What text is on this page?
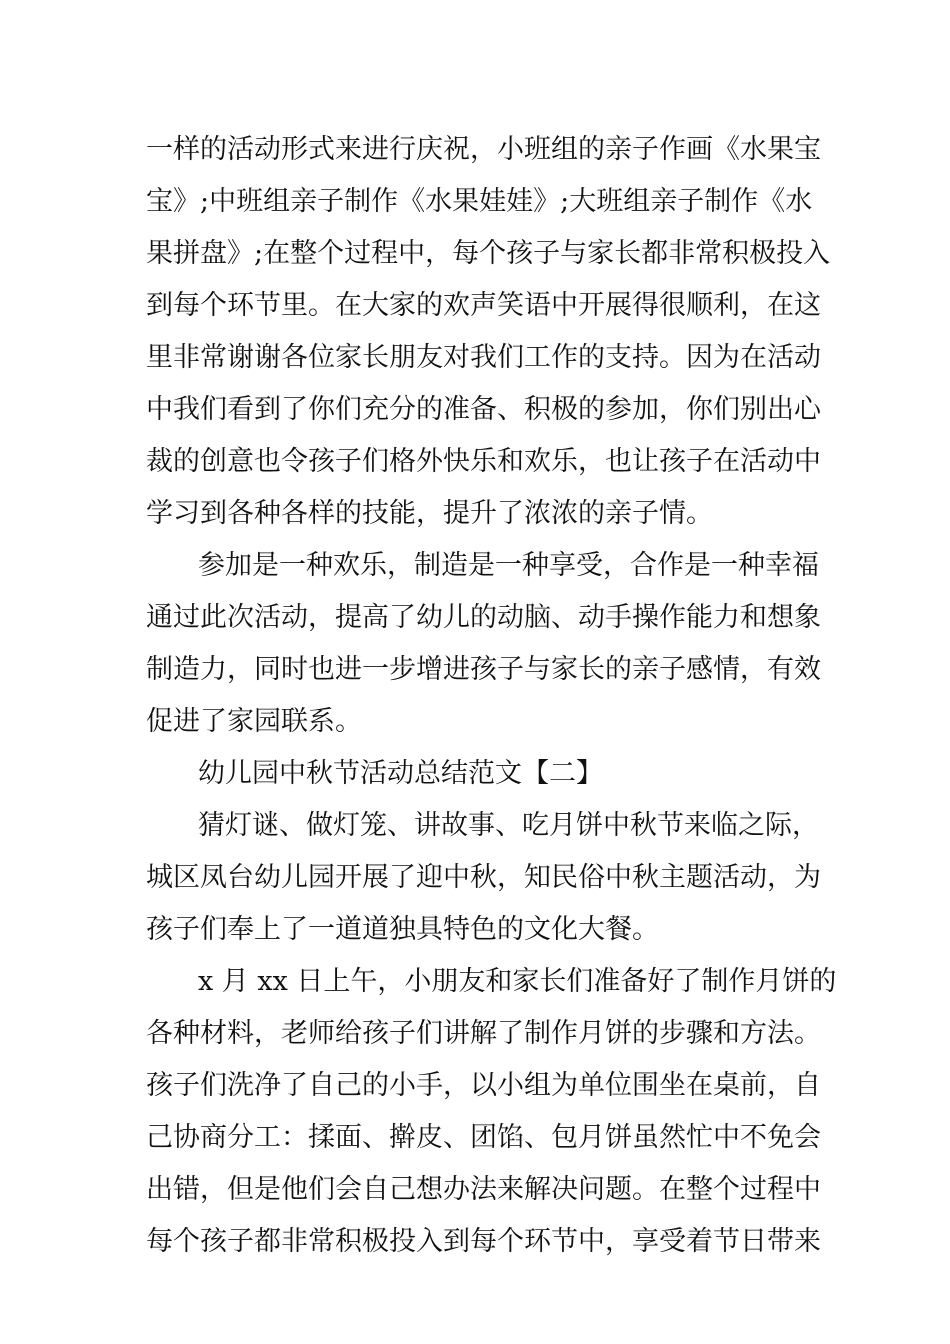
一样的活动形式来进行庆祝，小班组的亲子作画《水果宝
宝》;中班组亲子制作《水果娃娃》;大班组亲子制作《水
果拼盘》;在整个过程中，每个孩子与家长都非常积极投入
到每个环节里。在大家的欢声笑语中开展得很顺利，在这
里非常谢谢各位家长朋友对我们工作的支持。因为在活动
中我们看到了你们充分的准备、积极的参加，你们别出心
裁的创意也令孩子们格外快乐和欢乐，也让孩子在活动中
学习到各种各样的技能，提升了浓浓的亲子情。
参加是一种欢乐，制造是一种享受，合作是一种幸福
通过此次活动，提高了幼儿的动脑、动手操作能力和想象
制造力，同时也进一步增进孩子与家长的亲子感情，有效
促进了家园联系。
幼儿园中秋节活动总结范文【二】
猜灯谜、做灯笼、讲故事、吃月饼中秋节来临之际，
城区凤台幼儿园开展了迎中秋，知民俗中秋主题活动，为
孩子们奉上了一道道独具特色的文化大餐。
x 月 xx 日上午，小朋友和家长们准备好了制作月饼的
各种材料，老师给孩子们讲解了制作月饼的步骤和方法。
孩子们洗净了自己的小手，以小组为单位围坐在桌前，自
己协商分工：揉面、擀皮、团馅、包月饼虽然忙中不免会
出错，但是他们会自己想办法来解决问题。在整个过程中
每个孩子都非常积极投入到每个环节中，享受着节日带来
